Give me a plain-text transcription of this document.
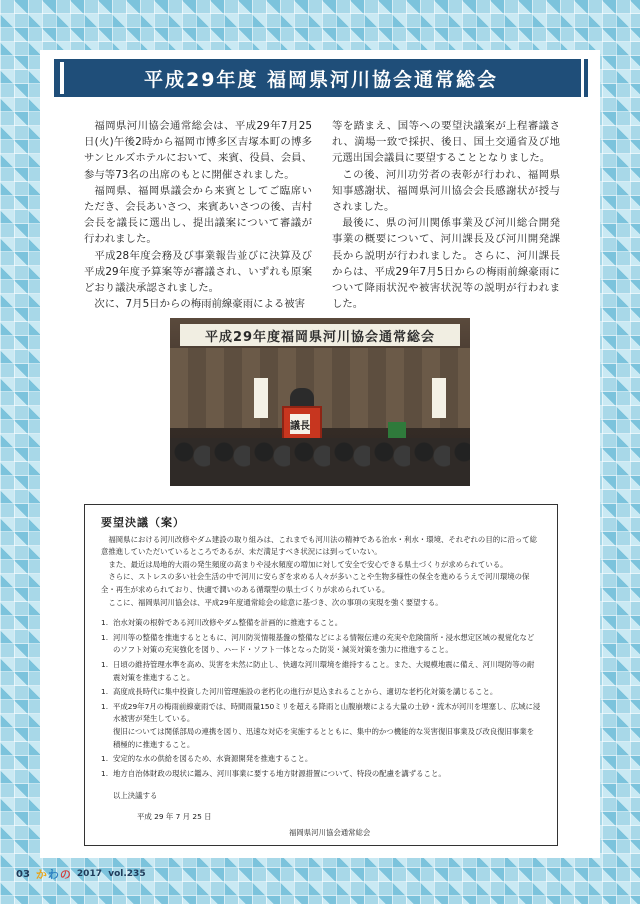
平成29年度 福岡県河川協会通常総会

福岡県河川協会通常総会は、平成29年7月25日(火)午後2時から福岡市博多区吉塚本町の博多サンヒルズホテルにおいて、来賓、役員、会員、参与等73名の出席のもとに開催されました。

福岡県、福岡県議会から来賓としてご臨席いただき、会長あいさつ、来賓あいさつの後、吉村会長を議長に選出し、提出議案について審議が行われました。

平成28年度会務及び事業報告並びに決算及び平成29年度予算案等が審議され、いずれも原案どおり議決承認されました。

次に、7月5日からの梅雨前線豪雨による被害

等を踏まえ、国等への要望決議案が上程審議され、満場一致で採択、後日、国土交通省及び地元選出国会議員に要望することとなりました。

この後、河川功労者の表彰が行われ、福岡県知事感謝状、福岡県河川協会会長感謝状が授与されました。

最後に、県の河川関係事業及び河川総合開発事業の概要について、河川課長及び河川開発課長から説明が行われました。さらに、河川課長からは、平成29年7月5日からの梅雨前線豪雨について降雨状況や被害状況等の説明が行われました。

平成29年度福岡県河川協会通常総会
議長
要望決議（案）

福岡県における河川改修やダム建設の取り組みは、これまでも河川法の精神である治水・利水・環境、それぞれの目的に沿って総意推進していただいているところであるが、未だ満足すべき状況には到っていない。

また、最近は局地的大雨の発生頻度の高まりや浸水頻度の増加に対して安全で安心できる県土づくりが求められている。

さらに、ストレスの多い社会生活の中で河川に安らぎを求める人々が多いことや生物多様性の保全を進めるうえで河川環境の保全・再生が求められており、快適で潤いのある循環型の県土づくりが求められている。

ここに、福岡県河川協会は、平成29年度通常総会の総意に基づき、次の事項の実現を強く要望する。

1. 治水対策の根幹である河川改修やダム整備を計画的に推進すること。
1. 河川等の整備を推進するとともに、河川防災情報基盤の整備などによる情報伝達の充実や危険箇所・浸水想定区域の視覚化などのソフト対策の充実強化を図り、ハード・ソフト一体となった防災・減災対策を強力に推進すること。
1. 日頃の維持管理水準を高め、災害を未然に防止し、快適な河川環境を維持すること。また、大規模地震に備え、河川堤防等の耐震対策を推進すること。
1. 高度成長時代に集中投資した河川管理施設の老朽化の進行が見込まれることから、適切な老朽化対策を講じること。
1. 平成29年7月の梅雨前線豪雨では、時間雨量150ミリを超える降雨と山腹崩壊による大量の土砂・流木が河川を埋塞し、広域に浸水被害が発生している。
復旧については関係部局の連携を図り、迅速な対応を実施するとともに、集中的かつ機能的な災害復旧事業及び改良復旧事業を積極的に推進すること。
1. 安定的な水の供給を図るため、水資源開発を推進すること。
1. 地方自治体財政の現状に鑑み、河川事業に要する地方財源措置について、特段の配慮を講ずること。
以上決議する
平成 29 年 7 月 25 日
福岡県河川協会通常総会
03 か わ の 2017  vol.235
